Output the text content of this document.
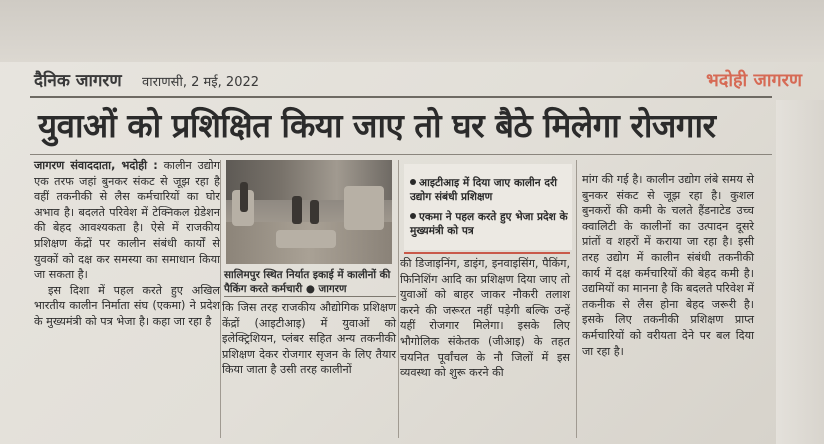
दैनिक जागरण वाराणसी, 2 मई, 2022	भदोही जागरण
युवाओं को प्रशिक्षित किया जाए तो घर बैठे मिलेगा रोजगार

जागरण संवाददाता, भदोही : कालीन उद्योग एक तरफ जहां बुनकर संकट से जूझ रहा है वहीं तकनीकी से लैस कर्मचारियों का घोर अभाव है। बदलते परिवेश में टेक्निकल ग्रेडेशन की बेहद आवश्यकता है। ऐसे में राजकीय प्रशिक्षण केंद्रों पर कालीन संबंधी कार्यों से युवकों को दक्ष कर समस्या का समाधान किया जा सकता है।

इस दिशा में पहल करते हुए अखिल भारतीय कालीन निर्माता संघ (एकमा) ने प्रदेश के मुख्यमंत्री को पत्र भेजा है। कहा जा रहा है

सालिमपुर स्थित निर्यात इकाई में कालीनों की पैकिंग करते कर्मचारी ● जागरण

कि जिस तरह राजकीय औद्योगिक प्रशिक्षण केंद्रों (आइटीआइ) में युवाओं को इलेक्ट्रिशियन, प्लंबर सहित अन्य तकनीकी प्रशिक्षण देकर रोजगार सृजन के लिए तैयार किया जाता है उसी तरह कालीनों

आइटीआइ में दिया जाए कालीन दरी उद्योग संबंधी प्रशिक्षण
एकमा ने पहल करते हुए भेजा प्रदेश के मुख्यमंत्री को पत्र

की डिजाइनिंग, डाइंग, इनवाइसिंग, पैकिंग, फिनिशिंग आदि का प्रशिक्षण दिया जाए तो युवाओं को बाहर जाकर नौकरी तलाश करने की जरूरत नहीं पड़ेगी बल्कि उन्हें यहीं रोजगार मिलेगा। इसके लिए भौगोलिक संकेतक (जीआइ) के तहत चयनित पूर्वांचल के नौ जिलों में इस व्यवस्था को शुरू करने की

मांग की गई है। कालीन उद्योग लंबे समय से बुनकर संकट से जूझ रहा है। कुशल बुनकरों की कमी के चलते हैंडनाटेड उच्च क्वालिटी के कालीनों का उत्पादन दूसरे प्रांतों व शहरों में कराया जा रहा है। इसी तरह उद्योग में कालीन संबंधी तकनीकी कार्य में दक्ष कर्मचारियों की बेहद कमी है। उद्यमियों का मानना है कि बदलते परिवेश में तकनीक से लैस होना बेहद जरूरी है। इसके लिए तकनीकी प्रशिक्षण प्राप्त कर्मचारियों को वरीयता देने पर बल दिया जा रहा है।
